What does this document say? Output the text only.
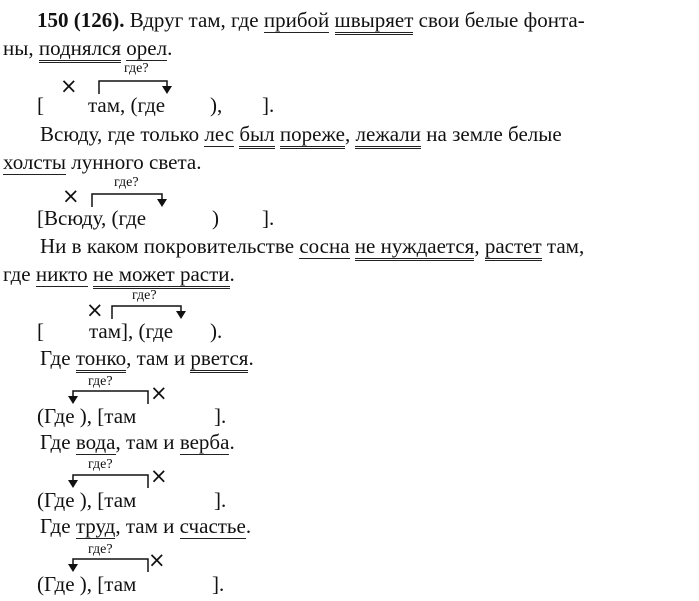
150 (126). Вдруг там, где прибой швыряет свои белые фонта-
ны, поднялся орел.
×
где?
[ там, (где ), ].
Всюду, где только лес был пореже, лежали на земле белые
холсты лунного света.
×
где?
[Всюду, (где	) ].
Ни в каком покровительстве сосна не нуждается, растет там,
где никто не может расти.
×
где?
[ там], (где ).
Где тонко, там и рвется.
где? ×
(Где ), [там	].
Где вода, там и верба.
где? ×
(Где ), [там	].
Где труд, там и счастье.
где? ×
(Где ), [там	].
